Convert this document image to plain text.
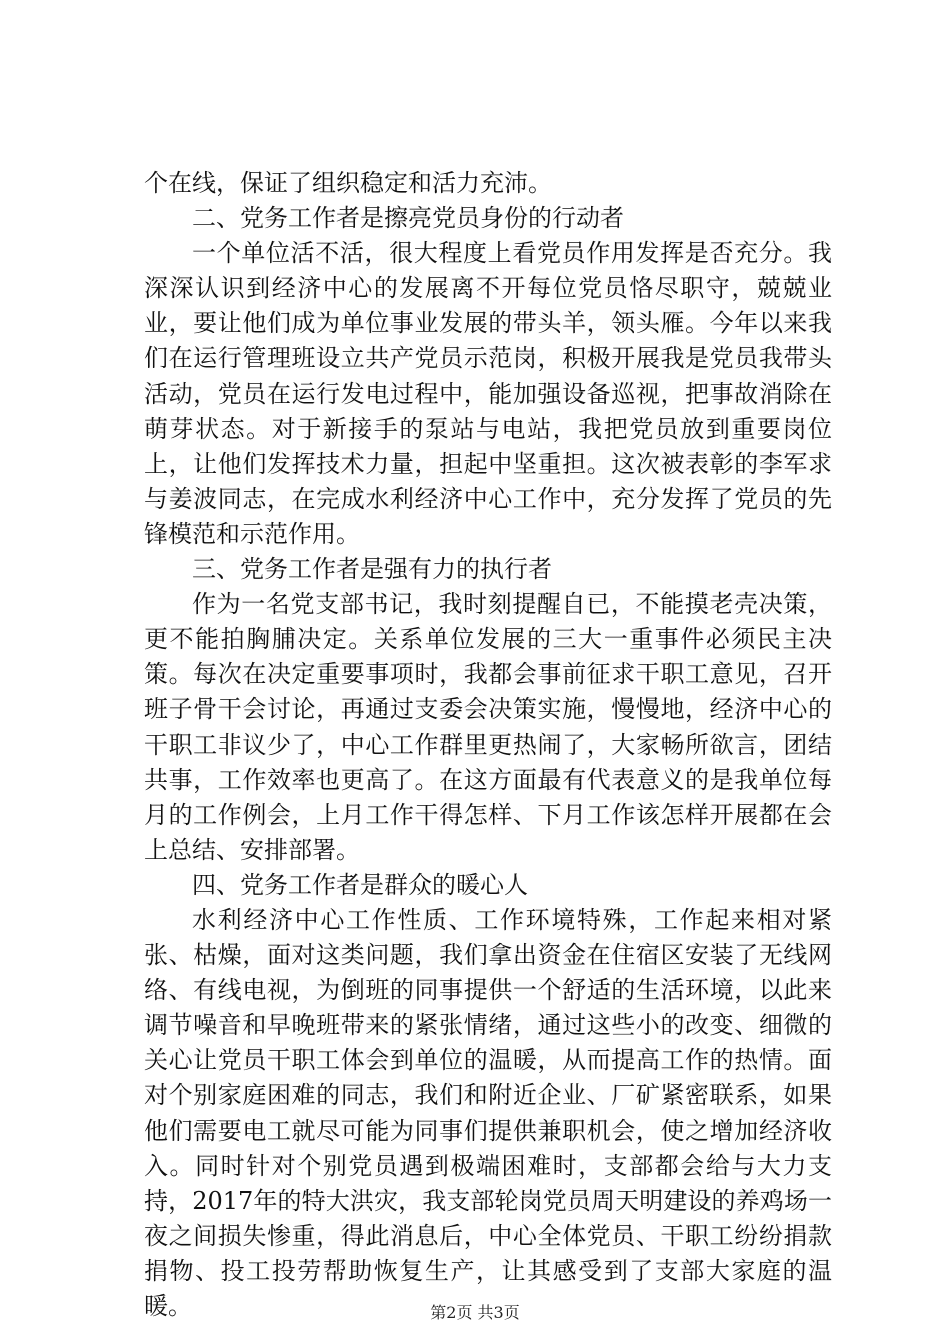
个在线，保证了组织稳定和活力充沛。

二、党务工作者是擦亮党员身份的行动者

一个单位活不活，很大程度上看党员作用发挥是否充分。我深深认识到经济中心的发展离不开每位党员恪尽职守，兢兢业业，要让他们成为单位事业发展的带头羊，领头雁。今年以来我们在运行管理班设立共产党员示范岗，积极开展我是党员我带头活动，党员在运行发电过程中，能加强设备巡视，把事故消除在萌芽状态。对于新接手的泵站与电站，我把党员放到重要岗位上，让他们发挥技术力量，担起中坚重担。这次被表彰的李军求与姜波同志，在完成水利经济中心工作中，充分发挥了党员的先锋模范和示范作用。

三、党务工作者是强有力的执行者

作为一名党支部书记，我时刻提醒自已，不能摸老壳决策，更不能拍胸脯决定。关系单位发展的三大一重事件必须民主决策。每次在决定重要事项时，我都会事前征求干职工意见，召开班子骨干会讨论，再通过支委会决策实施，慢慢地，经济中心的干职工非议少了，中心工作群里更热闹了，大家畅所欲言，团结共事，工作效率也更高了。在这方面最有代表意义的是我单位每月的工作例会，上月工作干得怎样、下月工作该怎样开展都在会上总结、安排部署。

四、党务工作者是群众的暖心人

水利经济中心工作性质、工作环境特殊，工作起来相对紧张、枯燥，面对这类问题，我们拿出资金在住宿区安装了无线网络、有线电视，为倒班的同事提供一个舒适的生活环境，以此来调节噪音和早晚班带来的紧张情绪，通过这些小的改变、细微的关心让党员干职工体会到单位的温暖，从而提高工作的热情。面对个别家庭困难的同志，我们和附近企业、厂矿紧密联系，如果他们需要电工就尽可能为同事们提供兼职机会，使之增加经济收入。同时针对个别党员遇到极端困难时，支部都会给与大力支持，2017年的特大洪灾，我支部轮岗党员周天明建设的养鸡场一夜之间损失惨重，得此消息后，中心全体党员、干职工纷纷捐款捐物、投工投劳帮助恢复生产，让其感受到了支部大家庭的温暖。	第2页 共3页
